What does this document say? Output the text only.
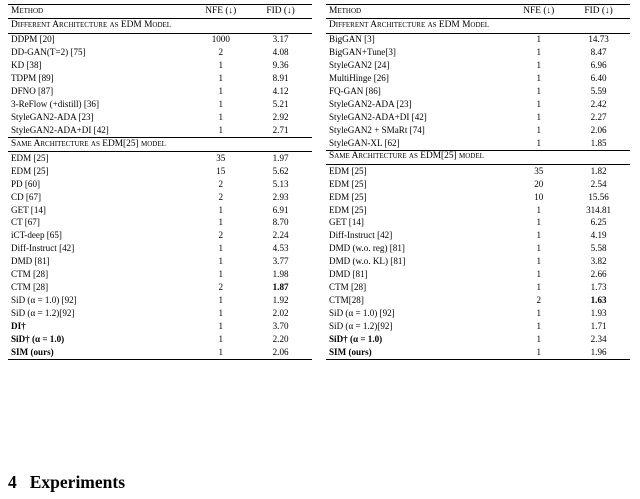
Method	NFE (↓)	FID (↓)
Different Architecture as EDM Model		
DDPM [20]	1000	3.17
DD-GAN(T=2) [75]	2	4.08
KD [38]	1	9.36
TDPM [89]	1	8.91
DFNO [87]	1	4.12
3-ReFlow (+distill) [36]	1	5.21
StyleGAN2-ADA [23]	1	2.92
StyleGAN2-ADA+DI [42]	1	2.71
Same Architecture as EDM[25] model		
EDM [25]	35	1.97
EDM [25]	15	5.62
PD [60]	2	5.13
CD [67]	2	2.93
GET [14]	1	6.91
CT [67]	1	8.70
iCT-deep [65]	2	2.24
Diff-Instruct [42]	1	4.53
DMD [81]	1	3.77
CTM [28]	1	1.98
CTM [28]	2	1.87
SiD (α = 1.0) [92]	1	1.92
SiD (α = 1.2)[92]	1	2.02
DI†	1	3.70
SiD† (α = 1.0)	1	2.20
SIM (ours)	1	2.06
Method	NFE (↓)	FID (↓)
Different Architecture as EDM Model		
BigGAN [3]	1	14.73
BigGAN+Tune[3]	1	8.47
StyleGAN2 [24]	1	6.96
MultiHinge [26]	1	6.40
FQ-GAN [86]	1	5.59
StyleGAN2-ADA [23]	1	2.42
StyleGAN2-ADA+DI [42]	1	2.27
StyleGAN2 + SMaRt [74]	1	2.06
StyleGAN-XL [62]	1	1.85
Same Architecture as EDM[25] model		
EDM [25]	35	1.82
EDM [25]	20	2.54
EDM [25]	10	15.56
EDM [25]	1	314.81
GET [14]	1	6.25
Diff-Instruct [42]	1	4.19
DMD (w.o. reg) [81]	1	5.58
DMD (w.o. KL) [81]	1	3.82
DMD [81]	1	2.66
CTM [28]	1	1.73
CTM[28]	2	1.63
SiD (α = 1.0) [92]	1	1.93
SiD (α = 1.2)[92]	1	1.71
SiD† (α = 1.0)	1	2.34
SIM (ours)	1	1.96
4 Experiments
